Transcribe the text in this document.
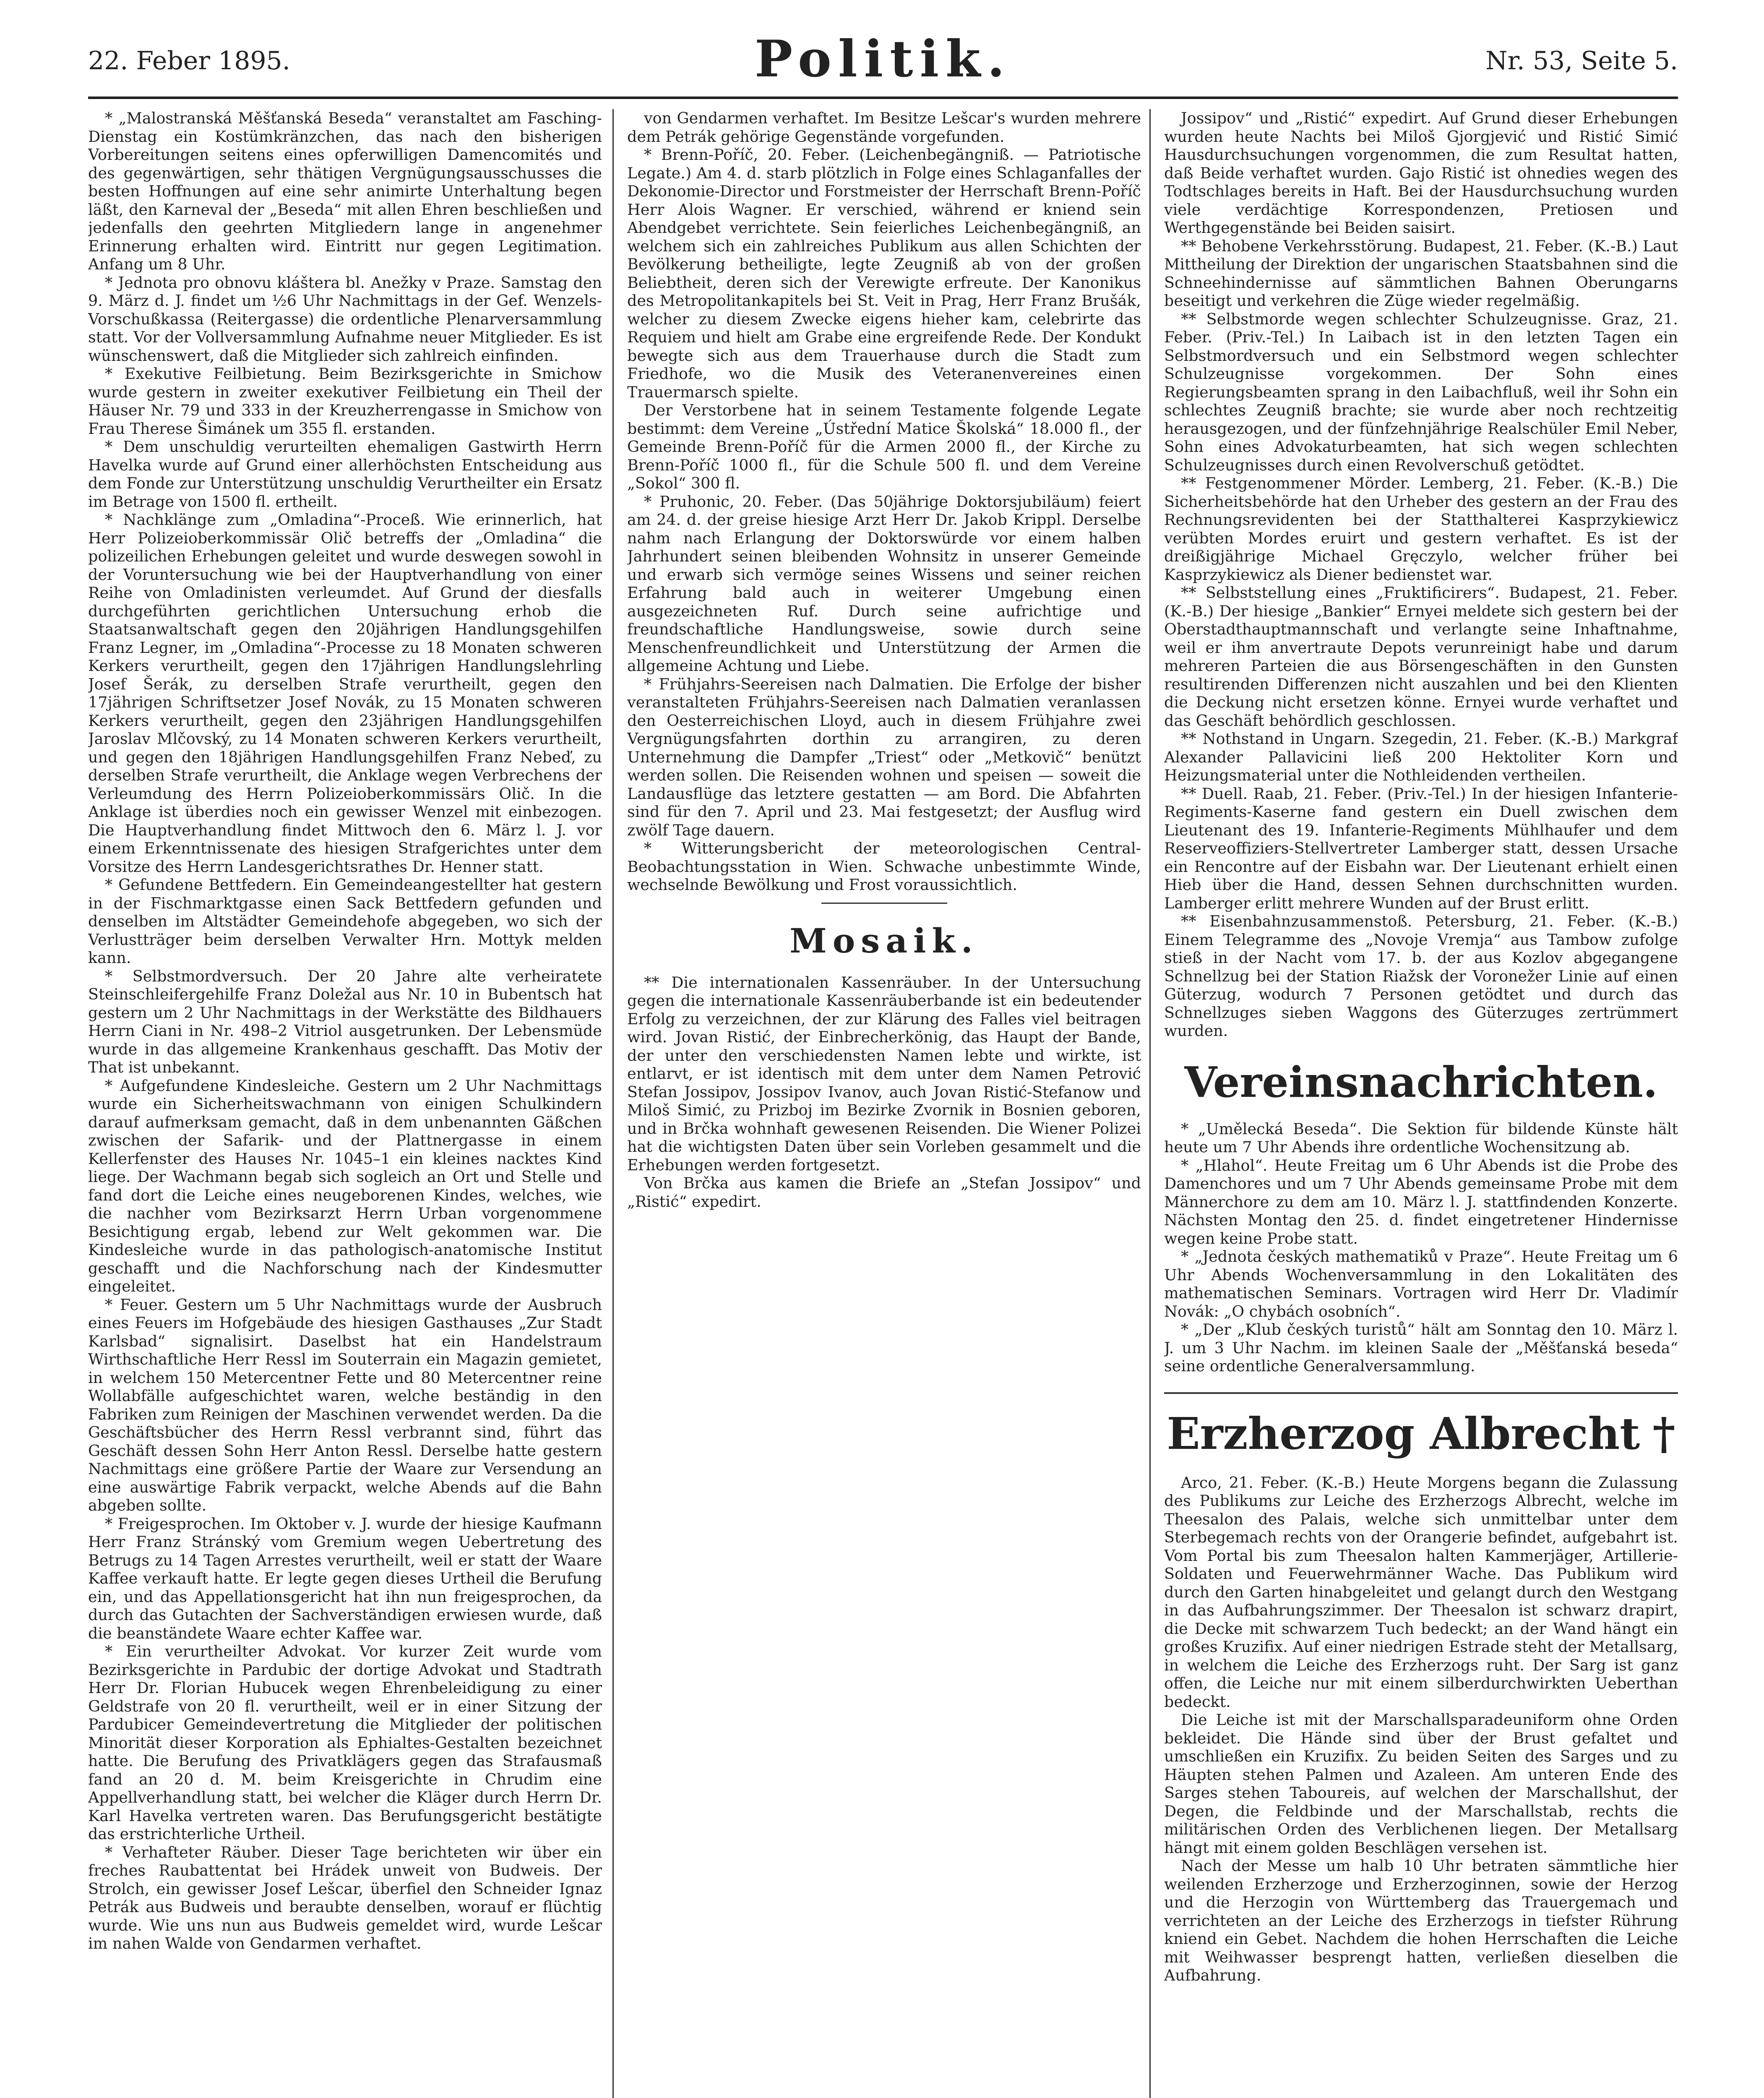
22. Feber 1895.	Politik.	Nr. 53, Seite 5.

* „Malostranská Měšťanská Beseda“ veranstaltet am Fasching-Dienstag ein Kostümkränzchen, das nach den bisherigen Vorbereitungen seitens eines opferwilligen Damencomités und des gegenwärtigen, sehr thätigen Vergnügungsausschusses die besten Hoffnungen auf eine sehr animirte Unterhaltung begen läßt, den Karneval der „Beseda“ mit allen Ehren beschließen und jedenfalls den geehrten Mitgliedern lange in angenehmer Erinnerung erhalten wird. Eintritt nur gegen Legitimation. Anfang um 8 Uhr.

* Jednota pro obnovu kláštera bl. Anežky v Praze. Samstag den 9. März d. J. findet um ½6 Uhr Nachmittags in der Gef. Wenzels-Vorschußkassa (Reitergasse) die ordentliche Plenarversammlung statt. Vor der Vollversammlung Aufnahme neuer Mitglieder. Es ist wünschenswert, daß die Mitglieder sich zahlreich einfinden.

* Exekutive Feilbietung. Beim Bezirksgerichte in Smichow wurde gestern in zweiter exekutiver Feilbietung ein Theil der Häuser Nr. 79 und 333 in der Kreuzherrengasse in Smichow von Frau Therese Šimánek um 355 fl. erstanden.

* Dem unschuldig verurteilten ehemaligen Gastwirth Herrn Havelka wurde auf Grund einer allerhöchsten Entscheidung aus dem Fonde zur Unterstützung unschuldig Verurtheilter ein Ersatz im Betrage von 1500 fl. ertheilt.

* Nachklänge zum „Omladina“-Proceß. Wie erinnerlich, hat Herr Polizeioberkommissär Olič betreffs der „Omladina“ die polizeilichen Erhebungen geleitet und wurde deswegen sowohl in der Voruntersuchung wie bei der Hauptverhandlung von einer Reihe von Omladinisten verleumdet. Auf Grund der diesfalls durchgeführten gerichtlichen Untersuchung erhob die Staatsanwaltschaft gegen den 20jährigen Handlungsgehilfen Franz Legner, im „Omladina“-Processe zu 18 Monaten schweren Kerkers verurtheilt, gegen den 17jährigen Handlungslehrling Josef Šerák, zu derselben Strafe verurtheilt, gegen den 17jährigen Schriftsetzer Josef Novák, zu 15 Monaten schweren Kerkers verurtheilt, gegen den 23jährigen Handlungsgehilfen Jaroslav Mlčovský, zu 14 Monaten schweren Kerkers verurtheilt, und gegen den 18jährigen Handlungsgehilfen Franz Nebeď, zu derselben Strafe verurtheilt, die Anklage wegen Verbrechens der Verleumdung des Herrn Polizeioberkommissärs Olič. In die Anklage ist überdies noch ein gewisser Wenzel mit einbezogen. Die Hauptverhandlung findet Mittwoch den 6. März l. J. vor einem Erkenntnissenate des hiesigen Strafgerichtes unter dem Vorsitze des Herrn Landesgerichtsrathes Dr. Henner statt.

* Gefundene Bettfedern. Ein Gemeindeangestellter hat gestern in der Fischmarktgasse einen Sack Bettfedern gefunden und denselben im Altstädter Gemeindehofe abgegeben, wo sich der Verlustträger beim derselben Verwalter Hrn. Mottyk melden kann.

* Selbstmordversuch. Der 20 Jahre alte verheiratete Steinschleifergehilfe Franz Doležal aus Nr. 10 in Bubentsch hat gestern um 2 Uhr Nachmittags in der Werkstätte des Bildhauers Herrn Ciani in Nr. 498–2 Vitriol ausgetrunken. Der Lebensmüde wurde in das allgemeine Krankenhaus geschafft. Das Motiv der That ist unbekannt.

* Aufgefundene Kindesleiche. Gestern um 2 Uhr Nachmittags wurde ein Sicherheitswachmann von einigen Schulkindern darauf aufmerksam gemacht, daß in dem unbenannten Gäßchen zwischen der Safarik- und der Plattnergasse in einem Kellerfenster des Hauses Nr. 1045–1 ein kleines nacktes Kind liege. Der Wachmann begab sich sogleich an Ort und Stelle und fand dort die Leiche eines neugeborenen Kindes, welches, wie die nachher vom Bezirksarzt Herrn Urban vorgenommene Besichtigung ergab, lebend zur Welt gekommen war. Die Kindesleiche wurde in das pathologisch-anatomische Institut geschafft und die Nachforschung nach der Kindesmutter eingeleitet.

* Feuer. Gestern um 5 Uhr Nachmittags wurde der Ausbruch eines Feuers im Hofgebäude des hiesigen Gasthauses „Zur Stadt Karlsbad“ signalisirt. Daselbst hat ein Handelstraum Wirthschaftliche Herr Ressl im Souterrain ein Magazin gemietet, in welchem 150 Metercentner Fette und 80 Metercentner reine Wollabfälle aufgeschichtet waren, welche beständig in den Fabriken zum Reinigen der Maschinen verwendet werden. Da die Geschäftsbücher des Herrn Ressl verbrannt sind, führt das Geschäft dessen Sohn Herr Anton Ressl. Derselbe hatte gestern Nachmittags eine größere Partie der Waare zur Versendung an eine auswärtige Fabrik verpackt, welche Abends auf die Bahn abgeben sollte.

* Freigesprochen. Im Oktober v. J. wurde der hiesige Kaufmann Herr Franz Stránský vom Gremium wegen Uebertretung des Betrugs zu 14 Tagen Arrestes verurtheilt, weil er statt der Waare Kaffee verkauft hatte. Er legte gegen dieses Urtheil die Berufung ein, und das Appellationsgericht hat ihn nun freigesprochen, da durch das Gutachten der Sachverständigen erwiesen wurde, daß die beanständete Waare echter Kaffee war.

* Ein verurtheilter Advokat. Vor kurzer Zeit wurde vom Bezirksgerichte in Pardubic der dortige Advokat und Stadtrath Herr Dr. Florian Hubucek wegen Ehrenbeleidigung zu einer Geldstrafe von 20 fl. verurtheilt, weil er in einer Sitzung der Pardubicer Gemeindevertretung die Mitglieder der politischen Minorität dieser Korporation als Ephialtes-Gestalten bezeichnet hatte. Die Berufung des Privatklägers gegen das Strafausmaß fand an 20 d. M. beim Kreisgerichte in Chrudim eine Appellverhandlung statt, bei welcher die Kläger durch Herrn Dr. Karl Havelka vertreten waren. Das Berufungsgericht bestätigte das erstrichterliche Urtheil.

* Verhafteter Räuber. Dieser Tage berichteten wir über ein freches Raubattentat bei Hrádek unweit von Budweis. Der Strolch, ein gewisser Josef Lešcar, überfiel den Schneider Ignaz Petrák aus Budweis und beraubte denselben, worauf er flüchtig wurde. Wie uns nun aus Budweis gemeldet wird, wurde Lešcar im nahen Walde von Gendarmen verhaftet.

von Gendarmen verhaftet. Im Besitze Lešcar's wurden mehrere dem Petrák gehörige Gegenstände vorgefunden.

* Brenn-Poříč, 20. Feber. (Leichenbegängniß. — Patriotische Legate.) Am 4. d. starb plötzlich in Folge eines Schlaganfalles der Dekonomie-Director und Forstmeister der Herrschaft Brenn-Poříč Herr Alois Wagner. Er verschied, während er kniend sein Abendgebet verrichtete. Sein feierliches Leichenbegängniß, an welchem sich ein zahlreiches Publikum aus allen Schichten der Bevölkerung betheiligte, legte Zeugniß ab von der großen Beliebtheit, deren sich der Verewigte erfreute. Der Kanonikus des Metropolitankapitels bei St. Veit in Prag, Herr Franz Brušák, welcher zu diesem Zwecke eigens hieher kam, celebrirte das Requiem und hielt am Grabe eine ergreifende Rede. Der Kondukt bewegte sich aus dem Trauerhause durch die Stadt zum Friedhofe, wo die Musik des Veteranenvereines einen Trauermarsch spielte.

Der Verstorbene hat in seinem Testamente folgende Legate bestimmt: dem Vereine „Ústřední Matice Školská“ 18.000 fl., der Gemeinde Brenn-Poříč für die Armen 2000 fl., der Kirche zu Brenn-Poříč 1000 fl., für die Schule 500 fl. und dem Vereine „Sokol“ 300 fl.

* Pruhonic, 20. Feber. (Das 50jährige Doktorsjubiläum) feiert am 24. d. der greise hiesige Arzt Herr Dr. Jakob Krippl. Derselbe nahm nach Erlangung der Doktorswürde vor einem halben Jahrhundert seinen bleibenden Wohnsitz in unserer Gemeinde und erwarb sich vermöge seines Wissens und seiner reichen Erfahrung bald auch in weiterer Umgebung einen ausgezeichneten Ruf. Durch seine aufrichtige und freundschaftliche Handlungsweise, sowie durch seine Menschenfreundlichkeit und Unterstützung der Armen die allgemeine Achtung und Liebe.

* Frühjahrs-Seereisen nach Dalmatien. Die Erfolge der bisher veranstalteten Frühjahrs-Seereisen nach Dalmatien veranlassen den Oesterreichischen Lloyd, auch in diesem Frühjahre zwei Vergnügungsfahrten dorthin zu arrangiren, zu deren Unternehmung die Dampfer „Triest“ oder „Metkovič“ benützt werden sollen. Die Reisenden wohnen und speisen — soweit die Landausflüge das letztere gestatten — am Bord. Die Abfahrten sind für den 7. April und 23. Mai festgesetzt; der Ausflug wird zwölf Tage dauern.

* Witterungsbericht der meteorologischen Central-Beobachtungsstation in Wien. Schwache unbestimmte Winde, wechselnde Bewölkung und Frost voraussichtlich.

Mosaik.

** Die internationalen Kassenräuber. In der Untersuchung gegen die internationale Kassenräuberbande ist ein bedeutender Erfolg zu verzeichnen, der zur Klärung des Falles viel beitragen wird. Jovan Ristić, der Einbrecherkönig, das Haupt der Bande, der unter den verschiedensten Namen lebte und wirkte, ist entlarvt, er ist identisch mit dem unter dem Namen Petrović Stefan Jossipov, Jossipov Ivanov, auch Jovan Ristić-Stefanow und Miloš Simić, zu Prizboj im Bezirke Zvornik in Bosnien geboren, und in Brčka wohnhaft gewesenen Reisenden. Die Wiener Polizei hat die wichtigsten Daten über sein Vorleben gesammelt und die Erhebungen werden fortgesetzt.

Von Brčka aus kamen die Briefe an „Stefan Jossipov“ und „Ristić“ expedirt.

Jossipov“ und „Ristić“ expedirt. Auf Grund dieser Erhebungen wurden heute Nachts bei Miloš Gjorgjević und Ristić Simić Hausdurchsuchungen vorgenommen, die zum Resultat hatten, daß Beide verhaftet wurden. Gajo Ristić ist ohnedies wegen des Todtschlages bereits in Haft. Bei der Hausdurchsuchung wurden viele verdächtige Korrespondenzen, Pretiosen und Werthgegenstände bei Beiden saisirt.

** Behobene Verkehrsstörung. Budapest, 21. Feber. (K.-B.) Laut Mittheilung der Direktion der ungarischen Staatsbahnen sind die Schneehindernisse auf sämmtlichen Bahnen Oberungarns beseitigt und verkehren die Züge wieder regelmäßig.

** Selbstmorde wegen schlechter Schulzeugnisse. Graz, 21. Feber. (Priv.-Tel.) In Laibach ist in den letzten Tagen ein Selbstmordversuch und ein Selbstmord wegen schlechter Schulzeugnisse vorgekommen. Der Sohn eines Regierungsbeamten sprang in den Laibachfluß, weil ihr Sohn ein schlechtes Zeugniß brachte; sie wurde aber noch rechtzeitig herausgezogen, und der fünfzehnjährige Realschüler Emil Neber, Sohn eines Advokaturbeamten, hat sich wegen schlechten Schulzeugnisses durch einen Revolverschuß getödtet.

** Festgenommener Mörder. Lemberg, 21. Feber. (K.-B.) Die Sicherheitsbehörde hat den Urheber des gestern an der Frau des Rechnungsrevidenten bei der Statthalterei Kasprzykiewicz verübten Mordes eruirt und gestern verhaftet. Es ist der dreißigjährige Michael Gręczylo, welcher früher bei Kasprzykiewicz als Diener bedienstet war.

** Selbststellung eines „Fruktificirers“. Budapest, 21. Feber. (K.-B.) Der hiesige „Bankier“ Ernyei meldete sich gestern bei der Oberstadthauptmannschaft und verlangte seine Inhaftnahme, weil er ihm anvertraute Depots verunreinigt habe und darum mehreren Parteien die aus Börsengeschäften in den Gunsten resultirenden Differenzen nicht auszahlen und bei den Klienten die Deckung nicht ersetzen könne. Ernyei wurde verhaftet und das Geschäft behördlich geschlossen.

** Nothstand in Ungarn. Szegedin, 21. Feber. (K.-B.) Markgraf Alexander Pallavicini ließ 200 Hektoliter Korn und Heizungsmaterial unter die Nothleidenden vertheilen.

** Duell. Raab, 21. Feber. (Priv.-Tel.) In der hiesigen Infanterie-Regiments-Kaserne fand gestern ein Duell zwischen dem Lieutenant des 19. Infanterie-Regiments Mühlhaufer und dem Reserveoffiziers-Stellvertreter Lamberger statt, dessen Ursache ein Rencontre auf der Eisbahn war. Der Lieutenant erhielt einen Hieb über die Hand, dessen Sehnen durchschnitten wurden. Lamberger erlitt mehrere Wunden auf der Brust erlitt.

** Eisenbahnzusammenstoß. Petersburg, 21. Feber. (K.-B.) Einem Telegramme des „Novoje Vremja“ aus Tambow zufolge stieß in der Nacht vom 17. b. der aus Kozlov abgegangene Schnellzug bei der Station Riažsk der Voronežer Linie auf einen Güterzug, wodurch 7 Personen getödtet und durch das Schnellzuges sieben Waggons des Güterzuges zertrümmert wurden.

Vereinsnachrichten.

* „Umělecká Beseda“. Die Sektion für bildende Künste hält heute um 7 Uhr Abends ihre ordentliche Wochensitzung ab.

* „Hlahol“. Heute Freitag um 6 Uhr Abends ist die Probe des Damenchores und um 7 Uhr Abends gemeinsame Probe mit dem Männerchore zu dem am 10. März l. J. stattfindenden Konzerte. Nächsten Montag den 25. d. findet eingetretener Hindernisse wegen keine Probe statt.

* „Jednota českých mathematiků v Praze“. Heute Freitag um 6 Uhr Abends Wochenversammlung in den Lokalitäten des mathematischen Seminars. Vortragen wird Herr Dr. Vladimír Novák: „O chybách osobních“.

* „Der „Klub českých turistů“ hält am Sonntag den 10. März l. J. um 3 Uhr Nachm. im kleinen Saale der „Měšťanská beseda“ seine ordentliche Generalversammlung.

Erzherzog Albrecht †

Arco, 21. Feber. (K.-B.) Heute Morgens begann die Zulassung des Publikums zur Leiche des Erzherzogs Albrecht, welche im Theesalon des Palais, welche sich unmittelbar unter dem Sterbegemach rechts von der Orangerie befindet, aufgebahrt ist. Vom Portal bis zum Theesalon halten Kammerjäger, Artillerie-Soldaten und Feuerwehrmänner Wache. Das Publikum wird durch den Garten hinabgeleitet und gelangt durch den Westgang in das Aufbahrungszimmer. Der Theesalon ist schwarz drapirt, die Decke mit schwarzem Tuch bedeckt; an der Wand hängt ein großes Kruzifix. Auf einer niedrigen Estrade steht der Metallsarg, in welchem die Leiche des Erzherzogs ruht. Der Sarg ist ganz offen, die Leiche nur mit einem silberdurchwirkten Ueberthan bedeckt.

Die Leiche ist mit der Marschallsparadeuniform ohne Orden bekleidet. Die Hände sind über der Brust gefaltet und umschließen ein Kruzifix. Zu beiden Seiten des Sarges und zu Häupten stehen Palmen und Azaleen. Am unteren Ende des Sarges stehen Taboureis, auf welchen der Marschallshut, der Degen, die Feldbinde und der Marschallstab, rechts die militärischen Orden des Verblichenen liegen. Der Metallsarg hängt mit einem golden Beschlägen versehen ist.

Nach der Messe um halb 10 Uhr betraten sämmtliche hier weilenden Erzherzoge und Erzherzoginnen, sowie der Herzog und die Herzogin von Württemberg das Trauergemach und verrichteten an der Leiche des Erzherzogs in tiefster Rührung kniend ein Gebet. Nachdem die hohen Herrschaften die Leiche mit Weihwasser besprengt hatten, verließen dieselben die Aufbahrung.
